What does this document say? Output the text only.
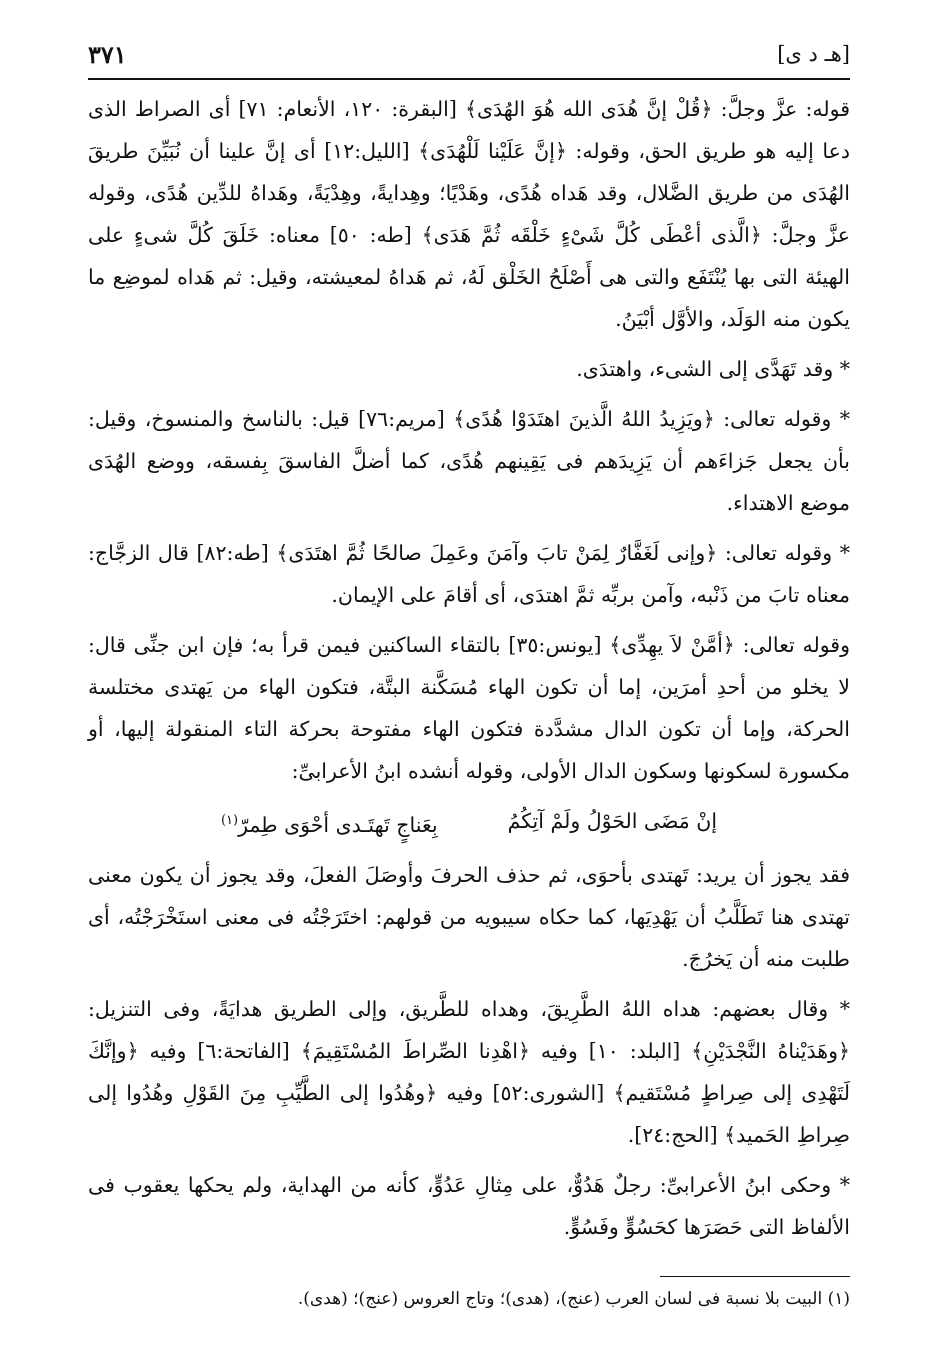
[هـ د ى]
٣٧١

قوله: عزَّ وجلَّ: ﴿قُلْ إنَّ هُدَى الله هُوَ الهُدَى﴾ [البقرة: ١٢٠، الأنعام: ٧١] أى الصراط الذى دعا إليه هو طريق الحق، وقوله: ﴿إنَّ عَلَيْنا لَلْهُدَى﴾ [الليل:١٢] أى إنَّ علينا أن نُبَيِّنَ طريقَ الهُدَى من طريق الضَّلال، وقد هَداه هُدًى، وهَدْيًا؛ وهِدايةً، وهِدْيَةً، وهَداهُ للدِّين هُدًى، وقوله عزَّ وجلَّ: ﴿الَّذى أعْطَى كُلَّ شَىْءٍ خَلْقَه ثُمَّ هَدَى﴾ [طه: ٥٠] معناه: خَلَقَ كُلَّ شىءٍ على الهيئة التى بها يُنْتَفَع والتى هى أَصْلَحُ الخَلْق لَهُ، ثم هَداهُ لمعيشته، وقيل: ثم هَداه لموضِع ما يكون منه الوَلَد، والأوَّل أبْيَنُ.

* وقد تَهَدَّى إلى الشىء، واهتدَى.

* وقوله تعالى: ﴿ويَزِيدُ اللهُ الَّذينَ اهتَدَوْا هُدًى﴾ [مريم:٧٦] قيل: بالناسخ والمنسوخ، وقيل: بأن يجعل جَزاءَهم أن يَزِيدَهم فى يَقِينهم هُدًى، كما أضلَّ الفاسقَ بِفسقه، ووضع الهُدَى موضع الاهتداء.

* وقوله تعالى: ﴿وإنى لَغَفَّارٌ لِمَنْ تابَ وآمَنَ وعَمِلَ صالحًا ثُمَّ اهتَدَى﴾ [طه:٨٢] قال الزجَّاج: معناه تابَ من ذَنْبه، وآمن بربِّه ثمَّ اهتدَى، أى أقامَ على الإيمان.

وقوله تعالى: ﴿أمَّنْ لاَ يهِدِّى﴾ [يونس:٣٥] بالتقاء الساكنين فيمن قرأ به؛ فإن ابن جنِّى قال: لا يخلو من أحدِ أمرَين، إما أن تكون الهاء مُسَكَّنة البتَّة، فتكون الهاء من يَهتدى مختلسة الحركة، وإما أن تكون الدال مشدَّدة فتكون الهاء مفتوحة بحركة التاء المنقولة إليها، أو مكسورة لسكونها وسكون الدال الأولى، وقوله أنشده ابنُ الأعرابىِّ:

إنْ مَضَى الحَوْلُ ولَمْ آتِكُمُ
بِعَناجٍ تَهتَـدى أحْوَى طِمرّ$^{(١)}$

فقد يجوز أن يريد: تَهتدى بأحوَى، ثم حذف الحرفَ وأوصَلَ الفعلَ، وقد يجوز أن يكون معنى تهتدى هنا تَطَلَّبُ أن يَهْدِيَها، كما حكاه سيبويه من قولهم: اختَرَجْتُه فى معنى استَخْرَجْتُه، أى طلبت منه أن يَخرُجَ.

* وقال بعضهم: هداه اللهُ الطَّرِيقَ، وهداه للطَّريق، وإلى الطريق هدايَةً، وفى التنزيل: ﴿وهَدَيْناهُ النَّجْدَيْنِ﴾ [البلد: ١٠] وفيه ﴿اهْدِنا الصِّراطَ المُسْتَقِيمَ﴾ [الفاتحة:٦] وفيه ﴿وإنَّكَ لَتَهْدِى إلى صِراطٍ مُسْتَقيم﴾ [الشورى:٥٢] وفيه ﴿وهُدُوا إلى الطَّيِّبِ مِنَ القَوْلِ وهُدُوا إلى صِراطِ الحَميد﴾ [الحج:٢٤].

* وحكى ابنُ الأعرابىِّ: رجلٌ هَدُوٌّ، على مِثالِ عَدُوٍّ، كأنه من الهداية، ولم يحكها يعقوب فى الألفاظ التى حَصَرَها كحَسُوٍّ وفَسُوٍّ.

(١) البيت بلا نسبة فى لسان العرب (عنج)، (هدى)؛ وتاج العروس (عنج)؛ (هدى).
